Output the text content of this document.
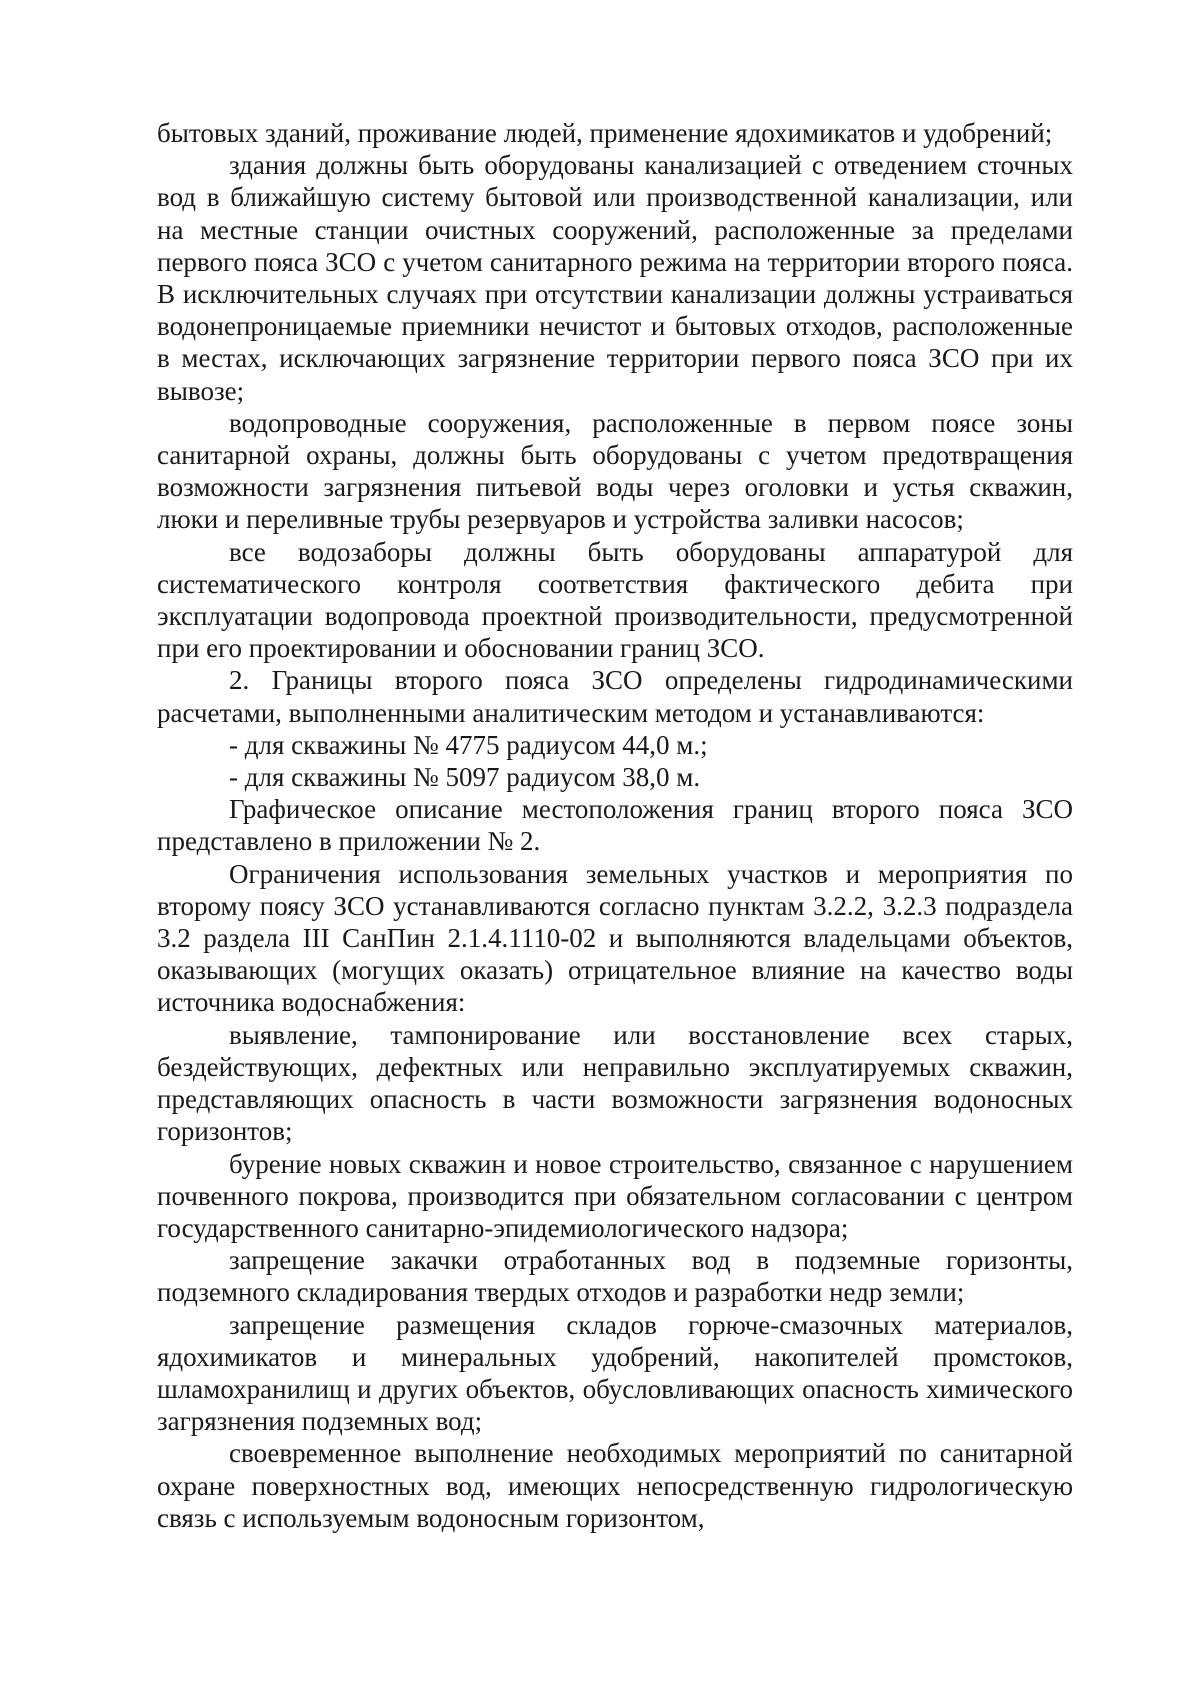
бытовых зданий, проживание людей, применение ядохимикатов и удобрений;

здания должны быть оборудованы канализацией с отведением сточных вод в ближайшую систему бытовой или производственной канализации, или на местные станции очистных сооружений, расположенные за пределами первого пояса ЗСО с учетом санитарного режима на территории второго пояса. В исключительных случаях при отсутствии канализации должны устраиваться водонепроницаемые приемники нечистот и бытовых отходов, расположенные в местах, исключающих загрязнение территории первого пояса ЗСО при их вывозе;

водопроводные сооружения, расположенные в первом поясе зоны санитарной охраны, должны быть оборудованы с учетом предотвращения возможности загрязнения питьевой воды через оголовки и устья скважин, люки и переливные трубы резервуаров и устройства заливки насосов;

все водозаборы должны быть оборудованы аппаратурой для систематического контроля соответствия фактического дебита при эксплуатации водопровода проектной производительности, предусмотренной при его проектировании и обосновании границ ЗСО.

2. Границы второго пояса ЗСО определены гидродинамическими расчетами, выполненными аналитическим методом и устанавливаются:

- для скважины № 4775 радиусом 44,0 м.;

- для скважины № 5097 радиусом 38,0 м.

Графическое описание местоположения границ второго пояса ЗСО представлено в приложении № 2.

Ограничения использования земельных участков и мероприятия по второму поясу ЗСО устанавливаются согласно пунктам 3.2.2, 3.2.3 подраздела 3.2 раздела III СанПин 2.1.4.1110-02 и выполняются владельцами объектов, оказывающих (могущих оказать) отрицательное влияние на качество воды источника водоснабжения:

выявление, тампонирование или восстановление всех старых, бездействующих, дефектных или неправильно эксплуатируемых скважин, представляющих опасность в части возможности загрязнения водоносных горизонтов;

бурение новых скважин и новое строительство, связанное с нарушением почвенного покрова, производится при обязательном согласовании с центром государственного санитарно-эпидемиологического надзора;

запрещение закачки отработанных вод в подземные горизонты, подземного складирования твердых отходов и разработки недр земли;

запрещение размещения складов горюче-смазочных материалов, ядохимикатов и минеральных удобрений, накопителей промстоков, шламохранилищ и других объектов, обусловливающих опасность химического загрязнения подземных вод;

своевременное выполнение необходимых мероприятий по санитарной охране поверхностных вод, имеющих непосредственную гидрологическую связь с используемым водоносным горизонтом,
